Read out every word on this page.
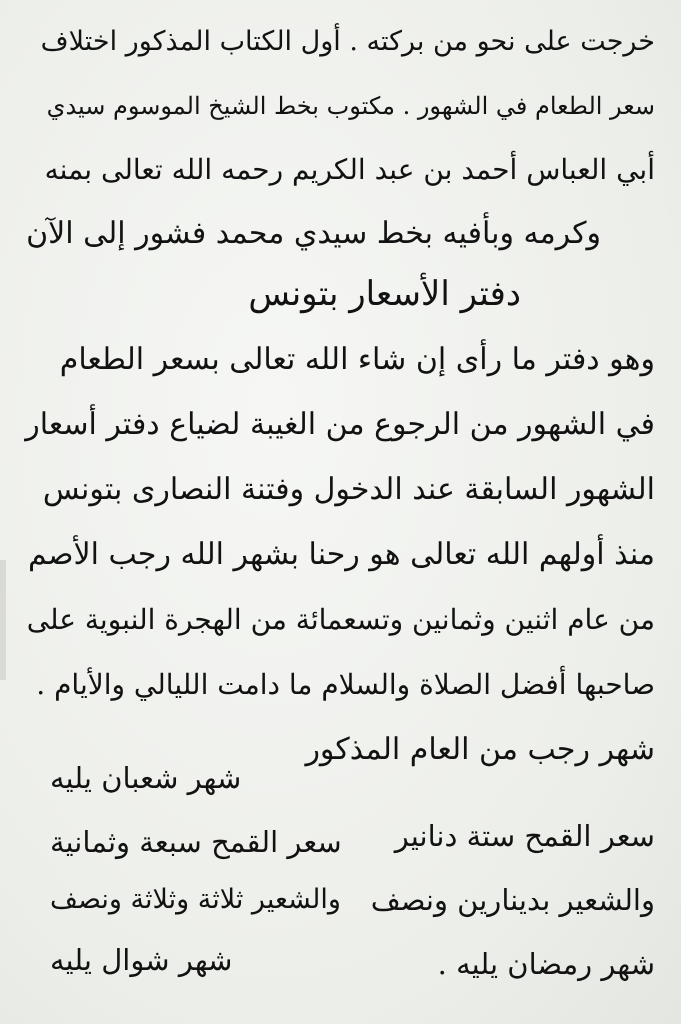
خرجت على نحو من بركته . أول الكتاب المذكور اختلاف
سعر الطعام في الشهور . مكتوب بخط الشيخ الموسوم سيدي
أبي العباس أحمد بن عبد الكريم رحمه الله تعالى بمنه
وكرمه وبأفيه بخط سيدي محمد فشور إلى الآن
دفتر الأسعار بتونس
وهو دفتر ما رأى إن شاء الله تعالى بسعر الطعام
في الشهور من الرجوع من الغيبة لضياع دفتر أسعار
الشهور السابقة عند الدخول وفتنة النصارى بتونس
منذ أولهم الله تعالى هو رحنا بشهر الله رجب الأصم
من عام اثنين وثمانين وتسعمائة من الهجرة النبوية على
صاحبها أفضل الصلاة والسلام ما دامت الليالي والأيام .
شهر رجب من العام المذكور
شهر شعبان يليه
سعر القمح سبعة وثمانية
والشعير ثلاثة وثلاثة ونصف
شهر شوال يليه
سعر القمح ستة دنانير
والشعير بدينارين ونصف
شهر رمضان يليه .
